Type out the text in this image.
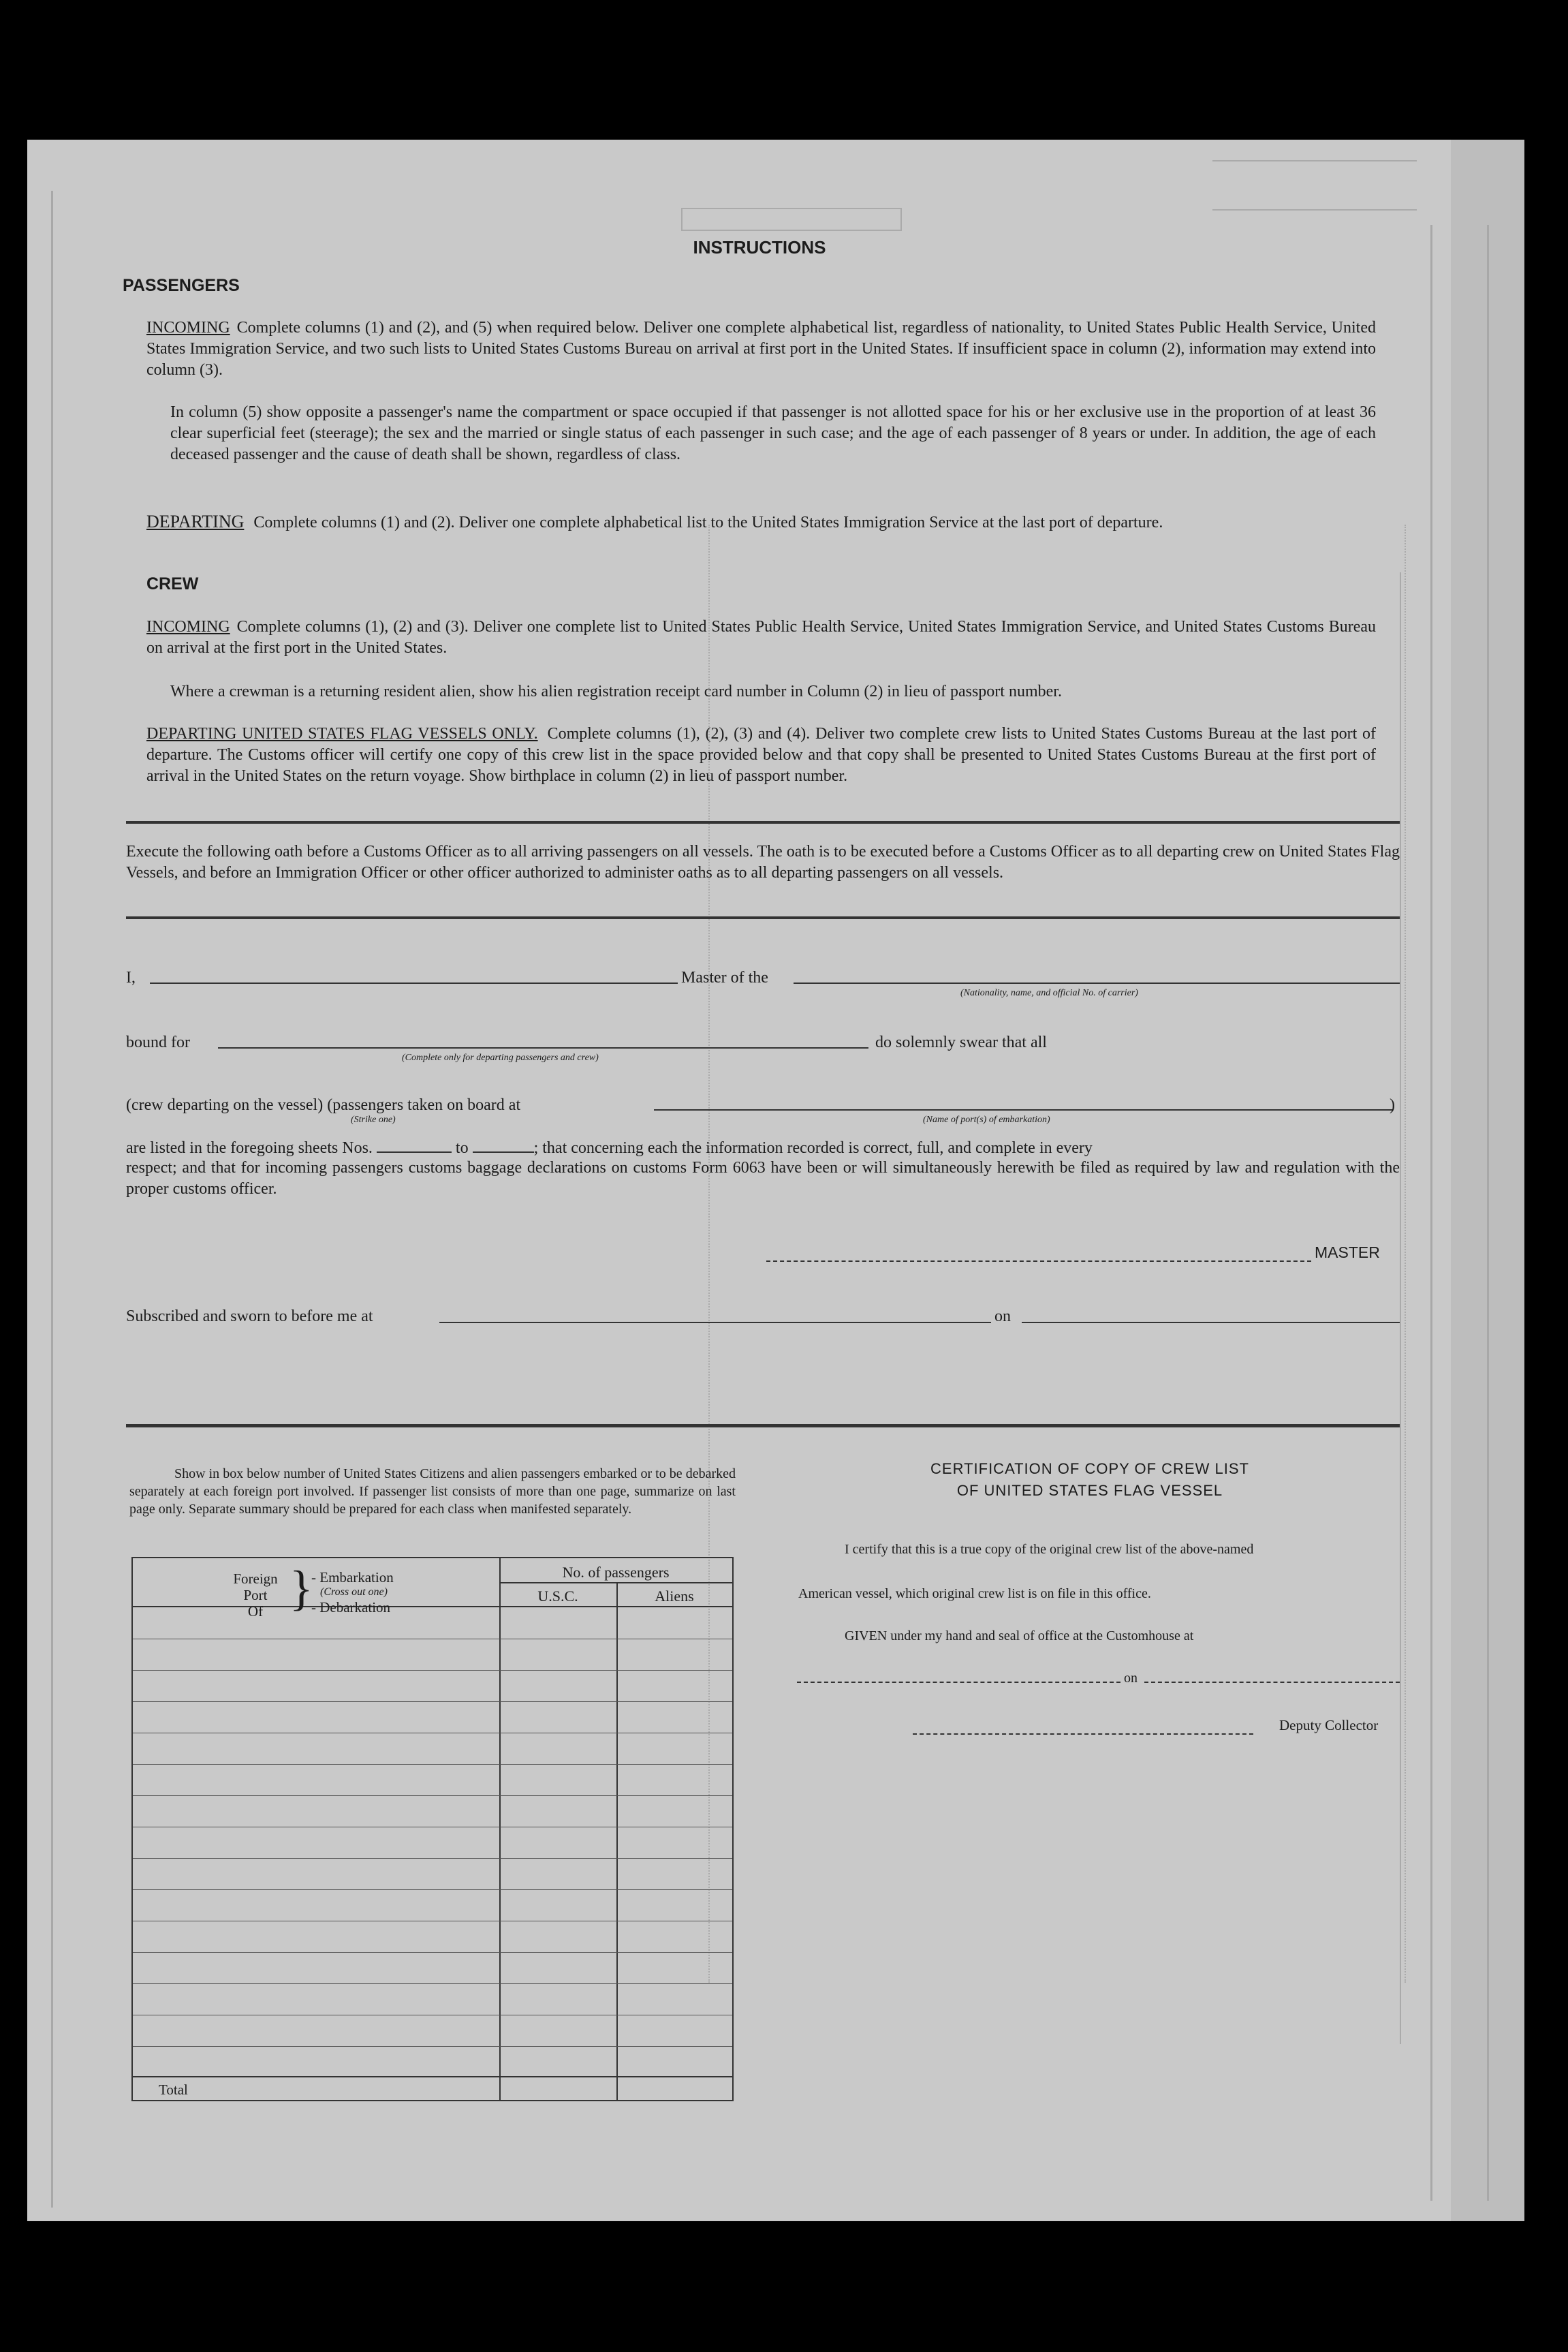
INSTRUCTIONS
PASSENGERS

INCOMING Complete columns (1) and (2), and (5) when required below. Deliver one complete alphabetical list, regardless of nationality, to United States Public Health Service, United States Immigration Service, and two such lists to United States Customs Bureau on arrival at first port in the United States. If insufficient space in column (2), information may extend into column (3).

In column (5) show opposite a passenger's name the compartment or space occupied if that passenger is not allotted space for his or her exclusive use in the proportion of at least 36 clear superficial feet (steerage); the sex and the married or single status of each passenger in such case; and the age of each passenger of 8 years or under. In addition, the age of each deceased passenger and the cause of death shall be shown, regardless of class.

DEPARTING Complete columns (1) and (2). Deliver one complete alphabetical list to the United States Immigration Service at the last port of departure.

CREW

INCOMING Complete columns (1), (2) and (3). Deliver one complete list to United States Public Health Service, United States Immigration Service, and United States Customs Bureau on arrival at the first port in the United States.

Where a crewman is a returning resident alien, show his alien registration receipt card number in Column (2) in lieu of passport number.

DEPARTING UNITED STATES FLAG VESSELS ONLY. Complete columns (1), (2), (3) and (4). Deliver two complete crew lists to United States Customs Bureau at the last port of departure. The Customs officer will certify one copy of this crew list in the space provided below and that copy shall be presented to United States Customs Bureau at the first port of arrival in the United States on the return voyage. Show birthplace in column (2) in lieu of passport number.

Execute the following oath before a Customs Officer as to all arriving passengers on all vessels. The oath is to be executed before a Customs Officer as to all departing crew on United States Flag Vessels, and before an Immigration Officer or other officer authorized to administer oaths as to all departing passengers on all vessels.

I,	Master of the
(Nationality, name, and official No. of carrier)
bound for
(Complete only for departing passengers and crew)
do solemnly swear that all
(crew departing on the vessel) (passengers taken on board at	)
(Strike one)	(Name of port(s) of embarkation)
are listed in the foregoing sheets Nos.	to	; that concerning each the information recorded is correct, full, and complete in every

respect; and that for incoming passengers customs baggage declarations on customs Form 6063 have been or will simultaneously herewith be filed as required by law and regulation with the proper customs officer.

MASTER
Subscribed and sworn to before me at	on

Show in box below number of United States Citizens and alien passengers embarked or to be debarked separately at each foreign port involved. If passenger list consists of more than one page, summarize on last page only. Separate summary should be prepared for each class when manifested separately.

Foreign
Port
Of }
- Embarkation
(Cross out one)
- Debarkation
No. of passengers
U.S.C.	Aliens
Total
CERTIFICATION OF COPY OF CREW LIST
OF UNITED STATES FLAG VESSEL
I certify that this is a true copy of the original crew list of the above-named
American vessel, which original crew list is on file in this office.
GIVEN under my hand and seal of office at the Customhouse at
on
Deputy Collector
